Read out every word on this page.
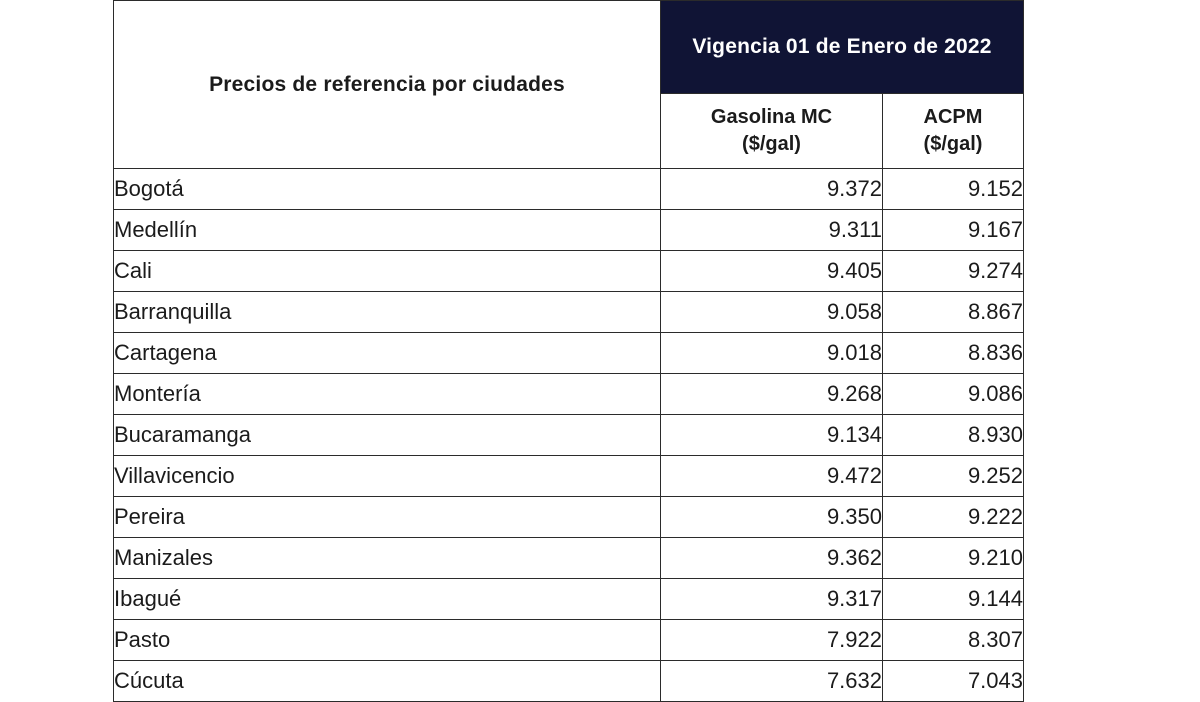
Precios de referencia por ciudades	Vigencia 01 de Enero de 2022	

Gasolina MC
($/gal)

ACPM
($/gal)

Bogotá	9.372	9.152
Medellín	9.311	9.167
Cali	9.405	9.274
Barranquilla	9.058	8.867
Cartagena	9.018	8.836
Montería	9.268	9.086
Bucaramanga	9.134	8.930
Villavicencio	9.472	9.252
Pereira	9.350	9.222
Manizales	9.362	9.210
Ibagué	9.317	9.144
Pasto	7.922	8.307
Cúcuta	7.632	7.043
